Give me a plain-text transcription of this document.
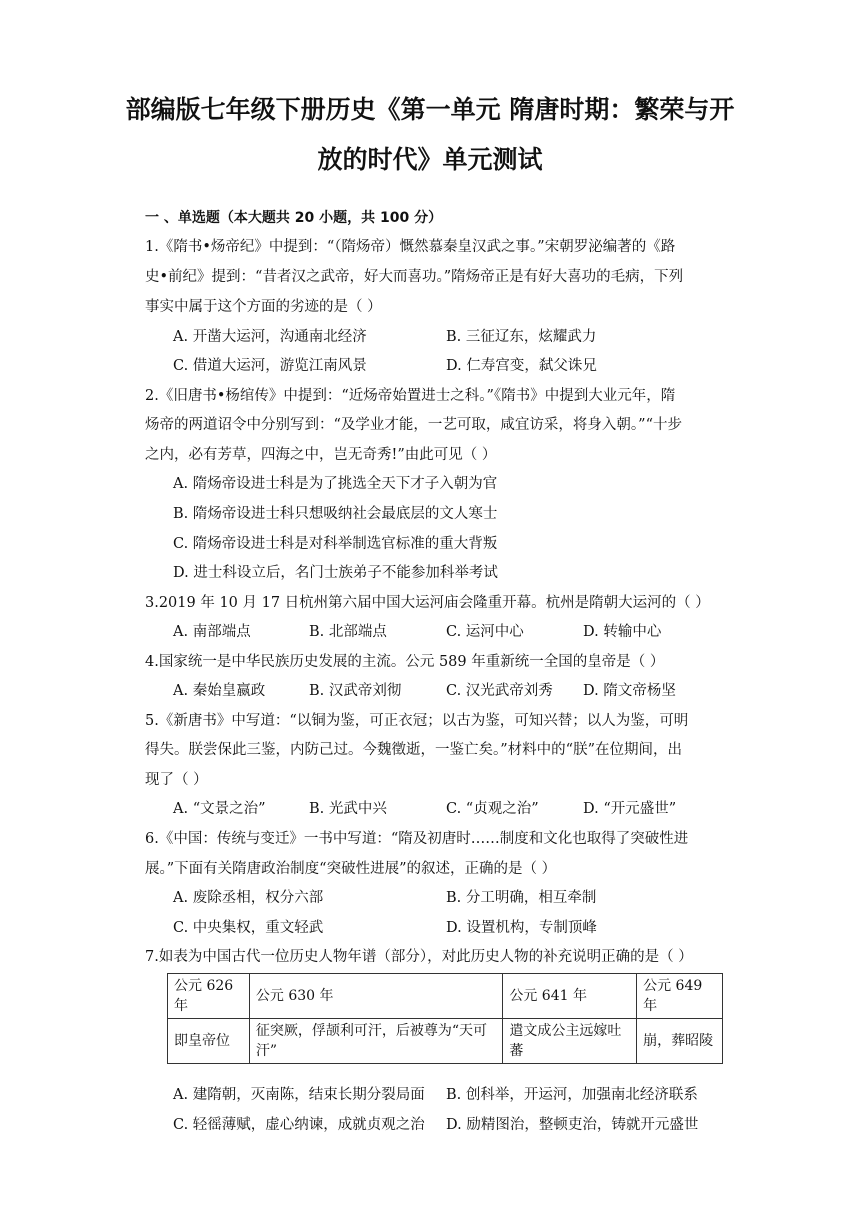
部编版七年级下册历史《第一单元 隋唐时期：繁荣与开
放的时代》单元测试
一 、单选题（本大题共 20 小题，共 100 分）
1.《隋书•炀帝纪》中提到：“（隋炀帝）慨然慕秦皇汉武之事。”宋朝罗泌编著的《路
史•前纪》提到：“昔者汉之武帝，好大而喜功。”隋炀帝正是有好大喜功的毛病，下列
事实中属于这个方面的劣迹的是（ ）
A. 开凿大运河，沟通南北经济	B. 三征辽东，炫耀武力
C. 借道大运河，游览江南风景	D. 仁寿宫变，弑父诛兄
2.《旧唐书•杨绾传》中提到：“近炀帝始置进士之科。”《隋书》中提到大业元年，隋
炀帝的两道诏令中分别写到：“及学业才能，一艺可取，咸宜访采，将身入朝。”“十步
之内，必有芳草，四海之中，岂无奇秀!”由此可见（ ）
A. 隋炀帝设进士科是为了挑选全天下才子入朝为官
B. 隋炀帝设进士科只想吸纳社会最底层的文人寒士
C. 隋炀帝设进士科是对科举制选官标准的重大背叛
D. 进士科设立后，名门士族弟子不能参加科举考试
3.2019 年 10 月 17 日杭州第六届中国大运河庙会隆重开幕。杭州是隋朝大运河的（ ）
A. 南部端点	B. 北部端点	C. 运河中心	D. 转输中心
4.国家统一是中华民族历史发展的主流。公元 589 年重新统一全国的皇帝是（ ）
A. 秦始皇嬴政	B. 汉武帝刘彻	C. 汉光武帝刘秀 D. 隋文帝杨坚
5.《新唐书》中写道：“以铜为鉴，可正衣冠；以古为鉴，可知兴替；以人为鉴，可明
得失。朕尝保此三鉴，内防己过。今魏徵逝，一鉴亡矣。”材料中的“朕”在位期间，出
现了（ ）
A. “文景之治”	B. 光武中兴	C. “贞观之治”	D. “开元盛世”
6.《中国：传统与变迁》一书中写道：“隋及初唐时……制度和文化也取得了突破性进
展。”下面有关隋唐政治制度“突破性进展”的叙述，正确的是（ ）
A. 废除丞相，权分六部	B. 分工明确，相互牵制
C. 中央集权，重文轻武	D. 设置机构，专制顶峰
7.如表为中国古代一位历史人物年谱（部分），对此历史人物的补充说明正确的是（ ）
公元 626 年	公元 630 年	公元 641 年	公元 649 年
即皇帝位	征突厥，俘颉利可汗，后被尊为“天可汗”	遣文成公主远嫁吐蕃	崩，葬昭陵
A. 建隋朝，灭南陈，结束长期分裂局面 B. 创科举，开运河，加强南北经济联系
C. 轻徭薄赋，虚心纳谏，成就贞观之治 D. 励精图治，整顿吏治，铸就开元盛世
